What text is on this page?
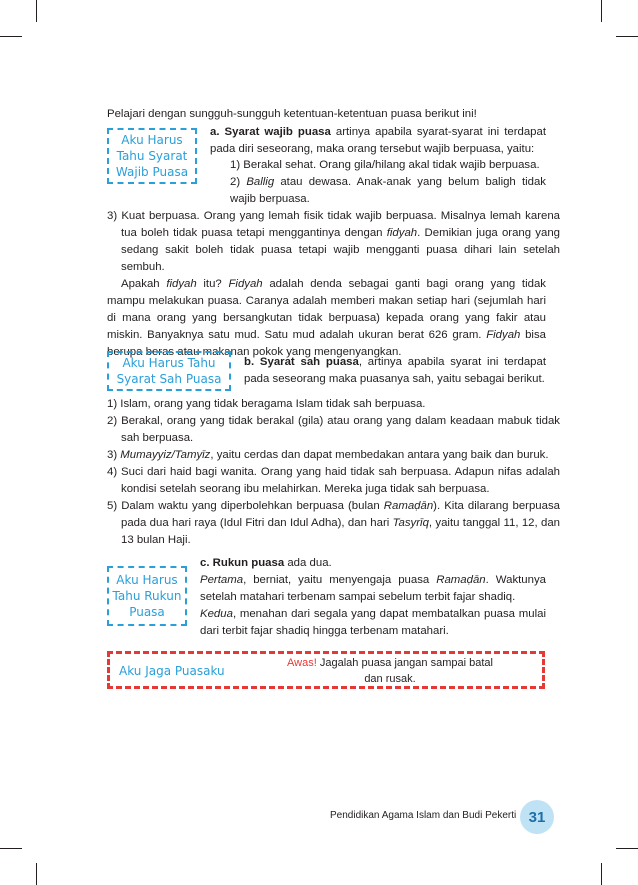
Pelajari dengan sungguh-sungguh ketentuan-ketentuan puasa berikut ini!
Aku Harus
Tahu Syarat
Wajib Puasa
a. Syarat wajib puasa artinya apabila syarat-syarat ini terdapat pada diri seseorang, maka orang tersebut wajib berpuasa, yaitu:
1) Berakal sehat. Orang gila/hilang akal tidak wajib berpuasa.
2) Ballig atau dewasa. Anak-anak yang belum baligh tidak wajib berpuasa.
3) Kuat berpuasa. Orang yang lemah fisik tidak wajib berpuasa. Misalnya lemah karena tua boleh tidak puasa tetapi menggantinya dengan fidyah. Demikian juga orang yang sedang sakit boleh tidak puasa tetapi wajib mengganti puasa dihari lain setelah sembuh.
Apakah fidyah itu? Fidyah adalah denda sebagai ganti bagi orang yang tidak mampu melakukan puasa. Caranya adalah memberi makan setiap hari (sejumlah hari di mana orang yang bersangkutan tidak berpuasa) kepada orang yang fakir atau miskin. Banyaknya satu mud. Satu mud adalah ukuran berat 626 gram. Fidyah bisa berupa beras atau makanan pokok yang mengenyangkan.
Aku Harus Tahu
Syarat Sah Puasa
b. Syarat sah puasa, artinya apabila syarat ini terdapat pada seseorang maka puasanya sah, yaitu sebagai berikut.
1) Islam, orang yang tidak beragama Islam tidak sah berpuasa.
2) Berakal, orang yang tidak berakal (gila) atau orang yang dalam keadaan mabuk tidak sah berpuasa.
3) Mumayyiz/Tamyīz, yaitu cerdas dan dapat membedakan antara yang baik dan buruk.
4) Suci dari haid bagi wanita. Orang yang haid tidak sah berpuasa. Adapun nifas adalah kondisi setelah seorang ibu melahirkan. Mereka juga tidak sah berpuasa.
5) Dalam waktu yang diperbolehkan berpuasa (bulan Ramaḍān). Kita dilarang berpuasa pada dua hari raya (Idul Fitri dan Idul Adha), dan hari Tasyrīq, yaitu tanggal 11, 12, dan 13 bulan Haji.
Aku Harus
Tahu Rukun
Puasa
c. Rukun puasa ada dua.
Pertama, berniat, yaitu menyengaja puasa Ramaḍān. Waktunya setelah matahari terbenam sampai sebelum terbit fajar shadiq.
Kedua, menahan dari segala yang dapat membatalkan puasa mulai dari terbit fajar shadiq hingga terbenam matahari.
Aku Jaga Puasaku
Awas! Jagalah puasa jangan sampai batal
dan rusak.
Pendidikan Agama Islam dan Budi Pekerti 31
